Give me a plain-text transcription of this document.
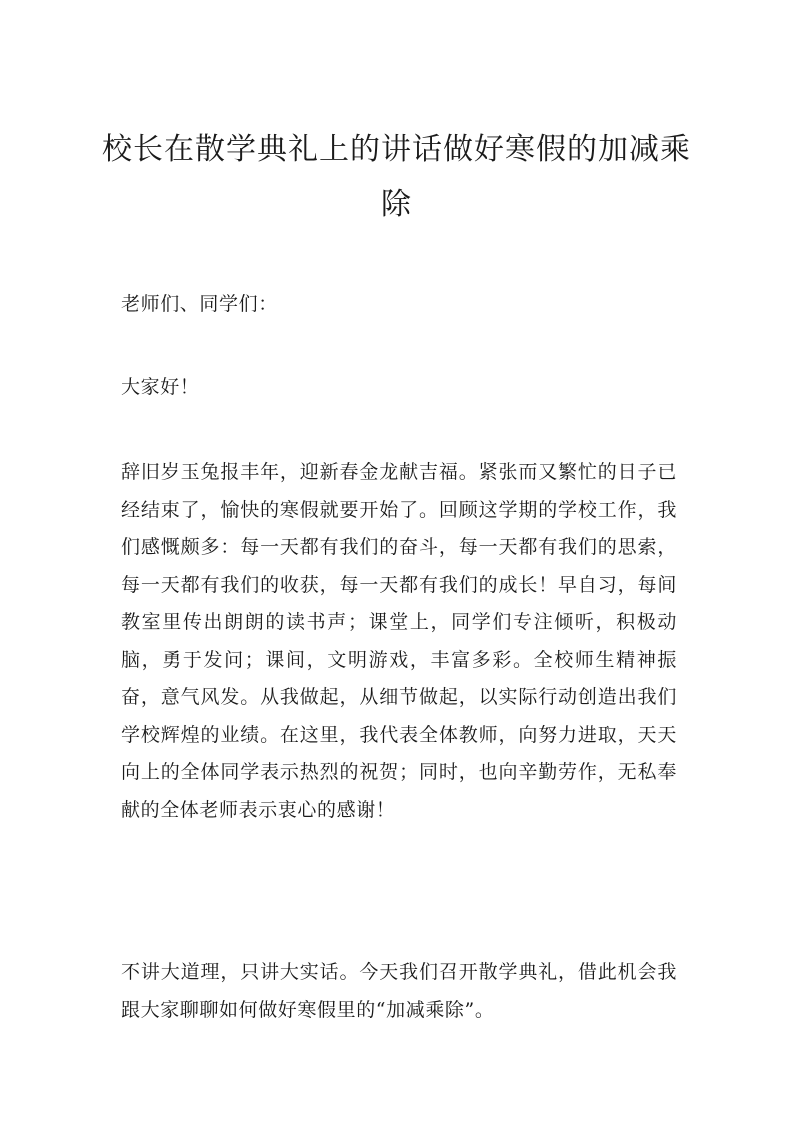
校长在散学典礼上的讲话做好寒假的加减乘除

老师们、同学们：

大家好！

辞旧岁玉兔报丰年，迎新春金龙献吉福。紧张而又繁忙的日子已经结束了，愉快的寒假就要开始了。回顾这学期的学校工作，我们感慨颇多：每一天都有我们的奋斗，每一天都有我们的思索，每一天都有我们的收获，每一天都有我们的成长！早自习，每间教室里传出朗朗的读书声；课堂上，同学们专注倾听，积极动脑，勇于发问；课间，文明游戏，丰富多彩。全校师生精神振奋，意气风发。从我做起，从细节做起，以实际行动创造出我们学校辉煌的业绩。在这里，我代表全体教师，向努力进取，天天向上的全体同学表示热烈的祝贺；同时，也向辛勤劳作，无私奉献的全体老师表示衷心的感谢！

不讲大道理，只讲大实话。今天我们召开散学典礼，借此机会我跟大家聊聊如何做好寒假里的“加减乘除”。
